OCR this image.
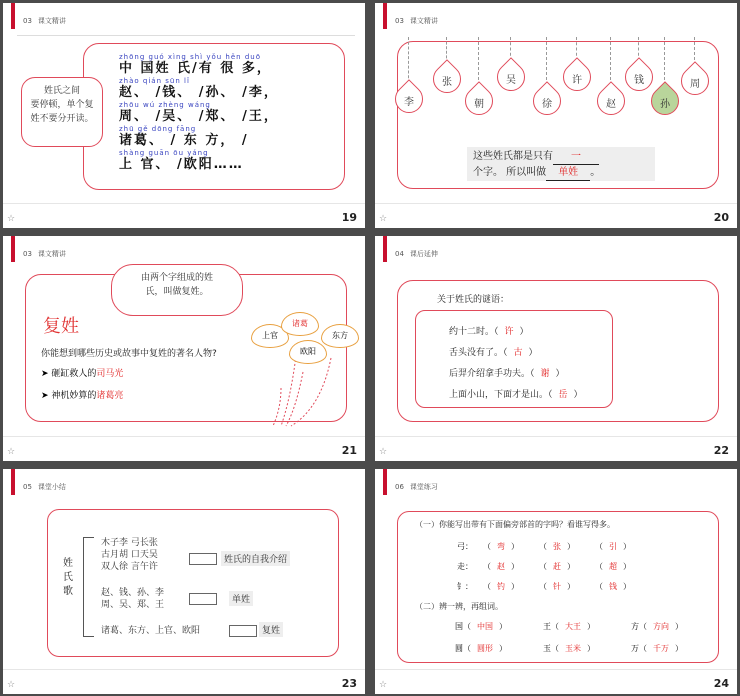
03 课文精讲
zhōng guó xìng shì yǒu hěn duō
中 国姓 氏/有 很 多，
zhào qián sūn lǐ
赵、 /钱、 /孙、 /李，
zhōu wú zhèng wáng
周、 /吴、 /郑、 /王，
zhū gě dōng fāng
诸葛、 / 东 方， /
shàng guān ōu yáng
上 官、 /欧阳……
姓氏之间
要停顿，单个复
姓不要分开读。
☆	19
03 课文精讲
李
张
朝
吴
徐
许
赵
钱
孙
周
这些姓氏都是只有 一
个字。 所以叫做 单姓 。
☆	20
03 课文精讲
由两个字组成的姓
氏，叫做复姓。
复姓
你能想到哪些历史或故事中复姓的著名人物?
➤ 砸缸救人的司马光
➤ 神机妙算的诸葛亮
上官
诸葛
东方
欧阳
☆	21
04 课后延伸
关于姓氏的谜语：
约十二时。（ 许 ）
舌头没有了。（ 古 ）
后羿介绍拿手功夫。（ 谢 ）
上面小山，下面才是山。（ 岳 ）
☆	22
05 课堂小结
姓
氏
歌
木子李 弓长张
古月胡 口天吴
双人徐 言午许
姓氏的自我介绍
赵、钱、孙、李
周、吴、郑、王	单姓
诸葛、东方、上官、欧阳	复姓
☆	23
06 课堂练习
（一）你能写出带有下面偏旁部首的字吗？看谁写得多。
弓： （ 弯 ）	（ 张 ）	（ 引 ）
走： （ 赵 ）	（ 赶 ）	（ 超 ）
钅： （ 钓 ）	（ 针 ）	（ 钱 ）
（二）辨一辨，再组词。
国（ 中国 ）	王（ 大王 ）	方（ 方向 ）
圆（ 圆形 ）	玉（ 玉米 ）	万（ 千万 ）
☆	24
